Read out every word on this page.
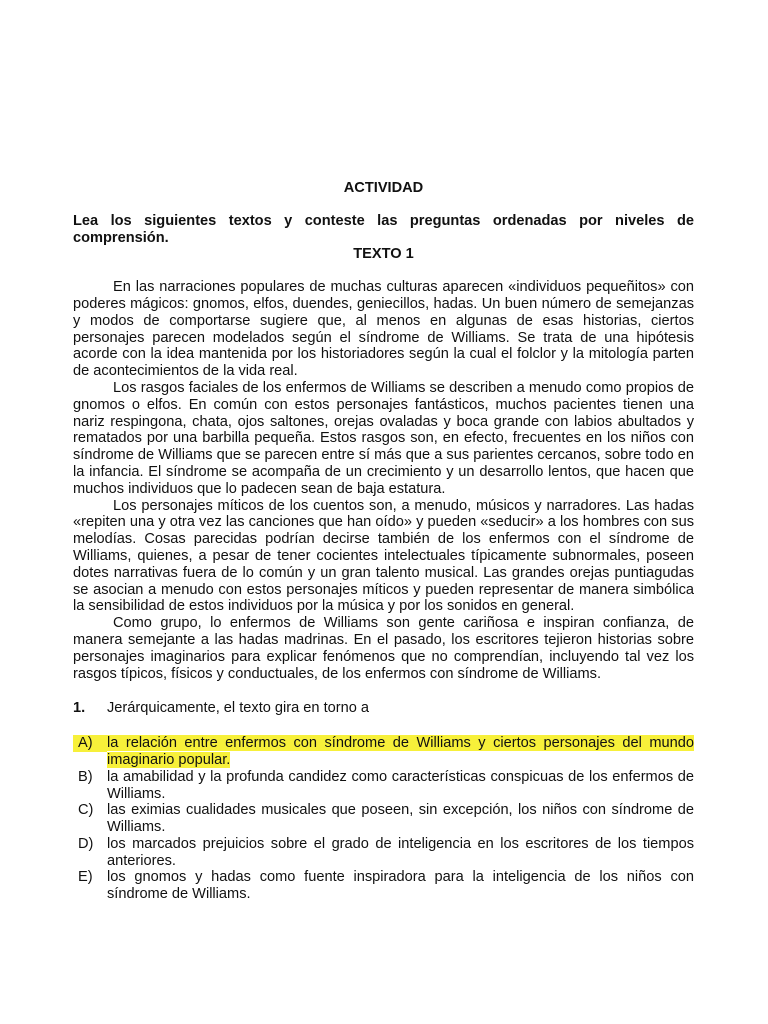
ACTIVIDAD

Lea los siguientes textos y conteste las preguntas ordenadas por niveles de comprensión.

TEXTO 1

En las narraciones populares de muchas culturas aparecen «individuos pequeñitos» con poderes mágicos: gnomos, elfos, duendes, geniecillos, hadas. Un buen número de semejanzas y modos de comportarse sugiere que, al menos en algunas de esas historias, ciertos personajes parecen modelados según el síndrome de Williams. Se trata de una hipótesis acorde con la idea mantenida por los historiadores según la cual el folclor y la mitología parten de acontecimientos de la vida real.

Los rasgos faciales de los enfermos de Williams se describen a menudo como propios de gnomos o elfos. En común con estos personajes fantásticos, muchos pacientes tienen una nariz respingona, chata, ojos saltones, orejas ovaladas y boca grande con labios abultados y rematados por una barbilla pequeña. Estos rasgos son, en efecto, frecuentes en los niños con síndrome de Williams que se parecen entre sí más que a sus parientes cercanos, sobre todo en la infancia. El síndrome se acompaña de un crecimiento y un desarrollo lentos, que hacen que muchos individuos que lo padecen sean de baja estatura.

Los personajes míticos de los cuentos son, a menudo, músicos y narradores. Las hadas «repiten una y otra vez las canciones que han oído» y pueden «seducir» a los hombres con sus melodías. Cosas parecidas podrían decirse también de los enfermos con el síndrome de Williams, quienes, a pesar de tener cocientes intelectuales típicamente subnormales, poseen dotes narrativas fuera de lo común y un gran talento musical. Las grandes orejas puntiagudas se asocian a menudo con estos personajes míticos y pueden representar de manera simbólica la sensibilidad de estos individuos por la música y por los sonidos en general.

Como grupo, lo enfermos de Williams son gente cariñosa e inspiran confianza, de manera semejante a las hadas madrinas. En el pasado, los escritores tejieron historias sobre personajes imaginarios para explicar fenómenos que no comprendían, incluyendo tal vez los rasgos típicos, físicos y conductuales, de los enfermos con síndrome de Williams.

1.	Jerárquicamente, el texto gira en torno a
A) la relación entre enfermos con síndrome de Williams y ciertos personajes del mundo imaginario popular.
B) la amabilidad y la profunda candidez como características conspicuas de los enfermos de Williams.
C) las eximias cualidades musicales que poseen, sin excepción, los niños con síndrome de Williams.
D) los marcados prejuicios sobre el grado de inteligencia en los escritores de los tiempos anteriores.
E) los gnomos y hadas como fuente inspiradora para la inteligencia de los niños con síndrome de Williams.
